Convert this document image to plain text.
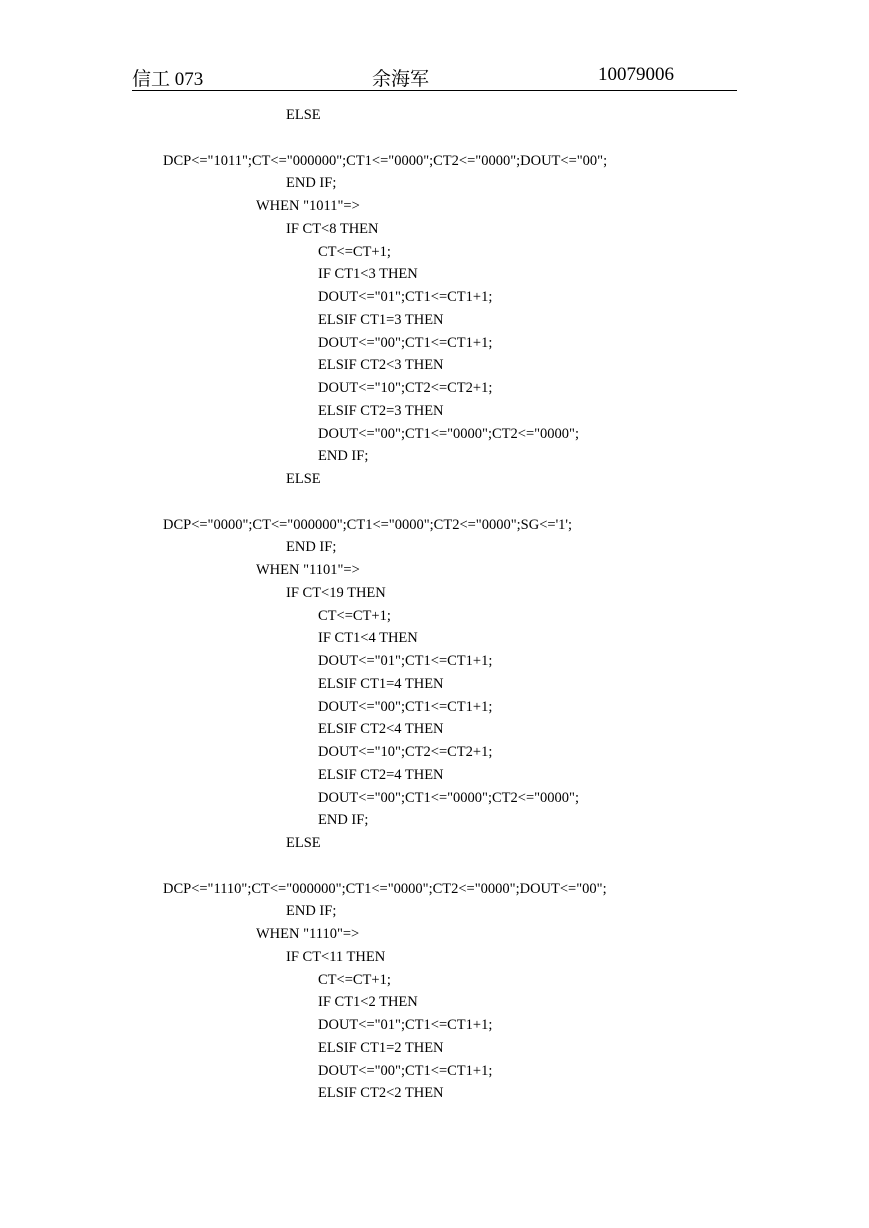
信工 073	余海军	10079006
ELSE
DCP<="1011";CT<="000000";CT1<="0000";CT2<="0000";DOUT<="00";
END IF;
WHEN "1011"=>
IF CT<8 THEN
CT<=CT+1;
IF CT1<3 THEN
DOUT<="01";CT1<=CT1+1;
ELSIF CT1=3 THEN
DOUT<="00";CT1<=CT1+1;
ELSIF CT2<3 THEN
DOUT<="10";CT2<=CT2+1;
ELSIF CT2=3 THEN
DOUT<="00";CT1<="0000";CT2<="0000";
END IF;
ELSE
DCP<="0000";CT<="000000";CT1<="0000";CT2<="0000";SG<='1';
END IF;
WHEN "1101"=>
IF CT<19 THEN
CT<=CT+1;
IF CT1<4 THEN
DOUT<="01";CT1<=CT1+1;
ELSIF CT1=4 THEN
DOUT<="00";CT1<=CT1+1;
ELSIF CT2<4 THEN
DOUT<="10";CT2<=CT2+1;
ELSIF CT2=4 THEN
DOUT<="00";CT1<="0000";CT2<="0000";
END IF;
ELSE
DCP<="1110";CT<="000000";CT1<="0000";CT2<="0000";DOUT<="00";
END IF;
WHEN "1110"=>
IF CT<11 THEN
CT<=CT+1;
IF CT1<2 THEN
DOUT<="01";CT1<=CT1+1;
ELSIF CT1=2 THEN
DOUT<="00";CT1<=CT1+1;
ELSIF CT2<2 THEN
